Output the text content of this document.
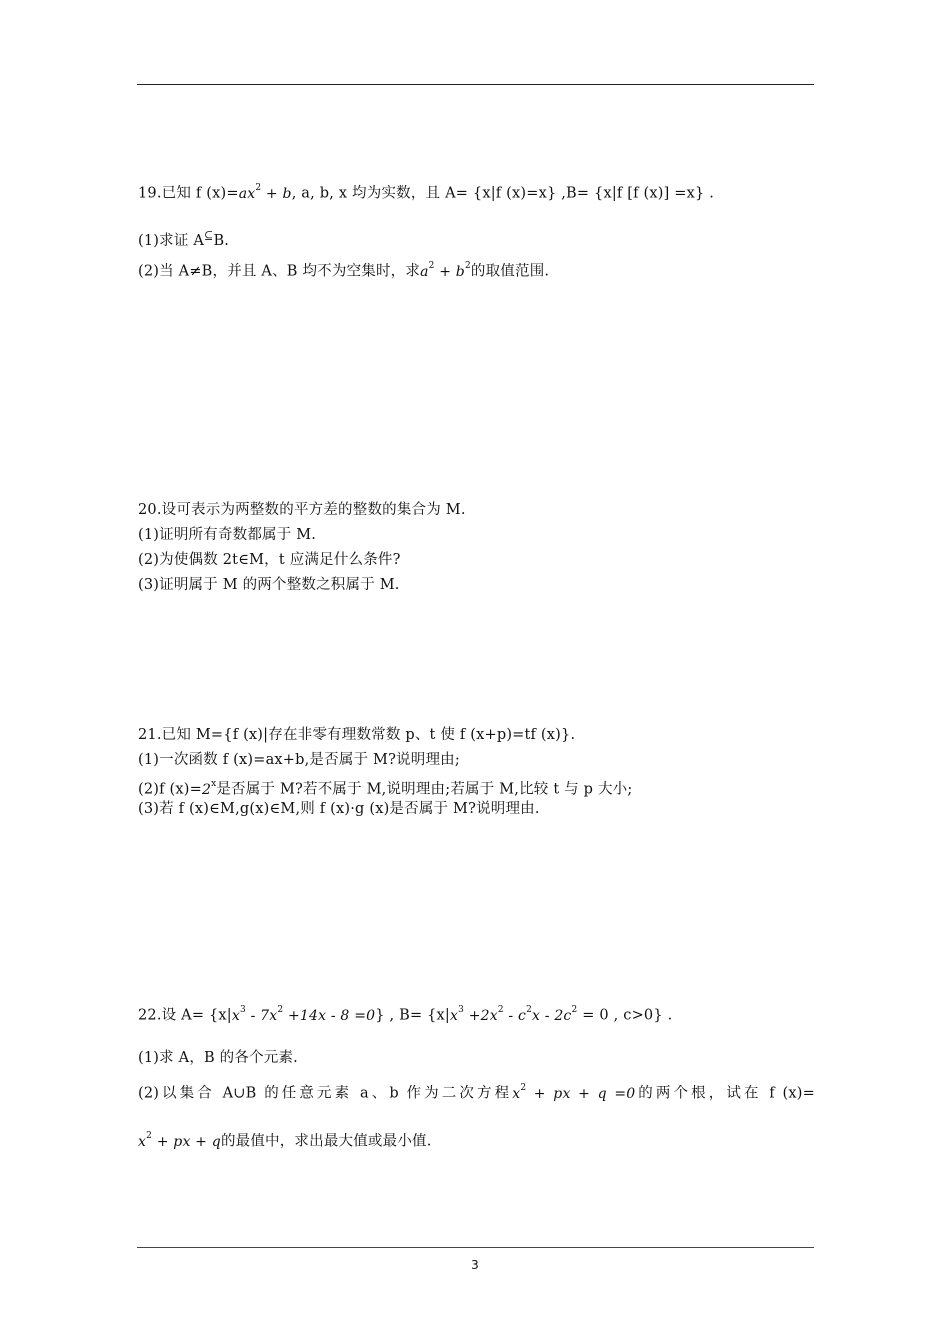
19.已知 f $(x)=ax^2 + b$, a, b, x 均为实数，且 A= {x|f (x)=x} ,B= {x|f [f (x)] =x} .
(1)求证 A⊆B.
(2)当 A≠B，并且 A、B 均不为空集时，求$a^2 + b^2$的取值范围.
20.设可表示为两整数的平方差的整数的集合为 M.
(1)证明所有奇数都属于 M.
(2)为使偶数 2t∈M，t 应满足什么条件?
(3)证明属于 M 的两个整数之积属于 M.
21.已知 M={f (x)|存在非零有理数常数 p、t 使 f (x+p)=tf (x)}.
(1)一次函数 f (x)=ax+b,是否属于 M?说明理由;
(2)f $(x)=2^x$是否属于 M?若不属于 M,说明理由;若属于 M,比较 t 与 p 大小;
(3)若 f (x)∈M,g(x)∈M,则 f (x)·g (x)是否属于 M?说明理由.
22.设 $A= \{x|x^3 - 7x^2 +14x - 8 =0\}$ , $B= \{x|x^3 +2x^2 - c^2x - 2c^2 = 0$ , c>0} .
(1)求 A，B 的各个元素.
(2)以集合 A∪B 的任意元素 a、b 作为二次方程$x^2$ + px + q =0的两个根，试在 f (x)=
$x^2$ + px + q的最值中，求出最大值或最小值.
3
